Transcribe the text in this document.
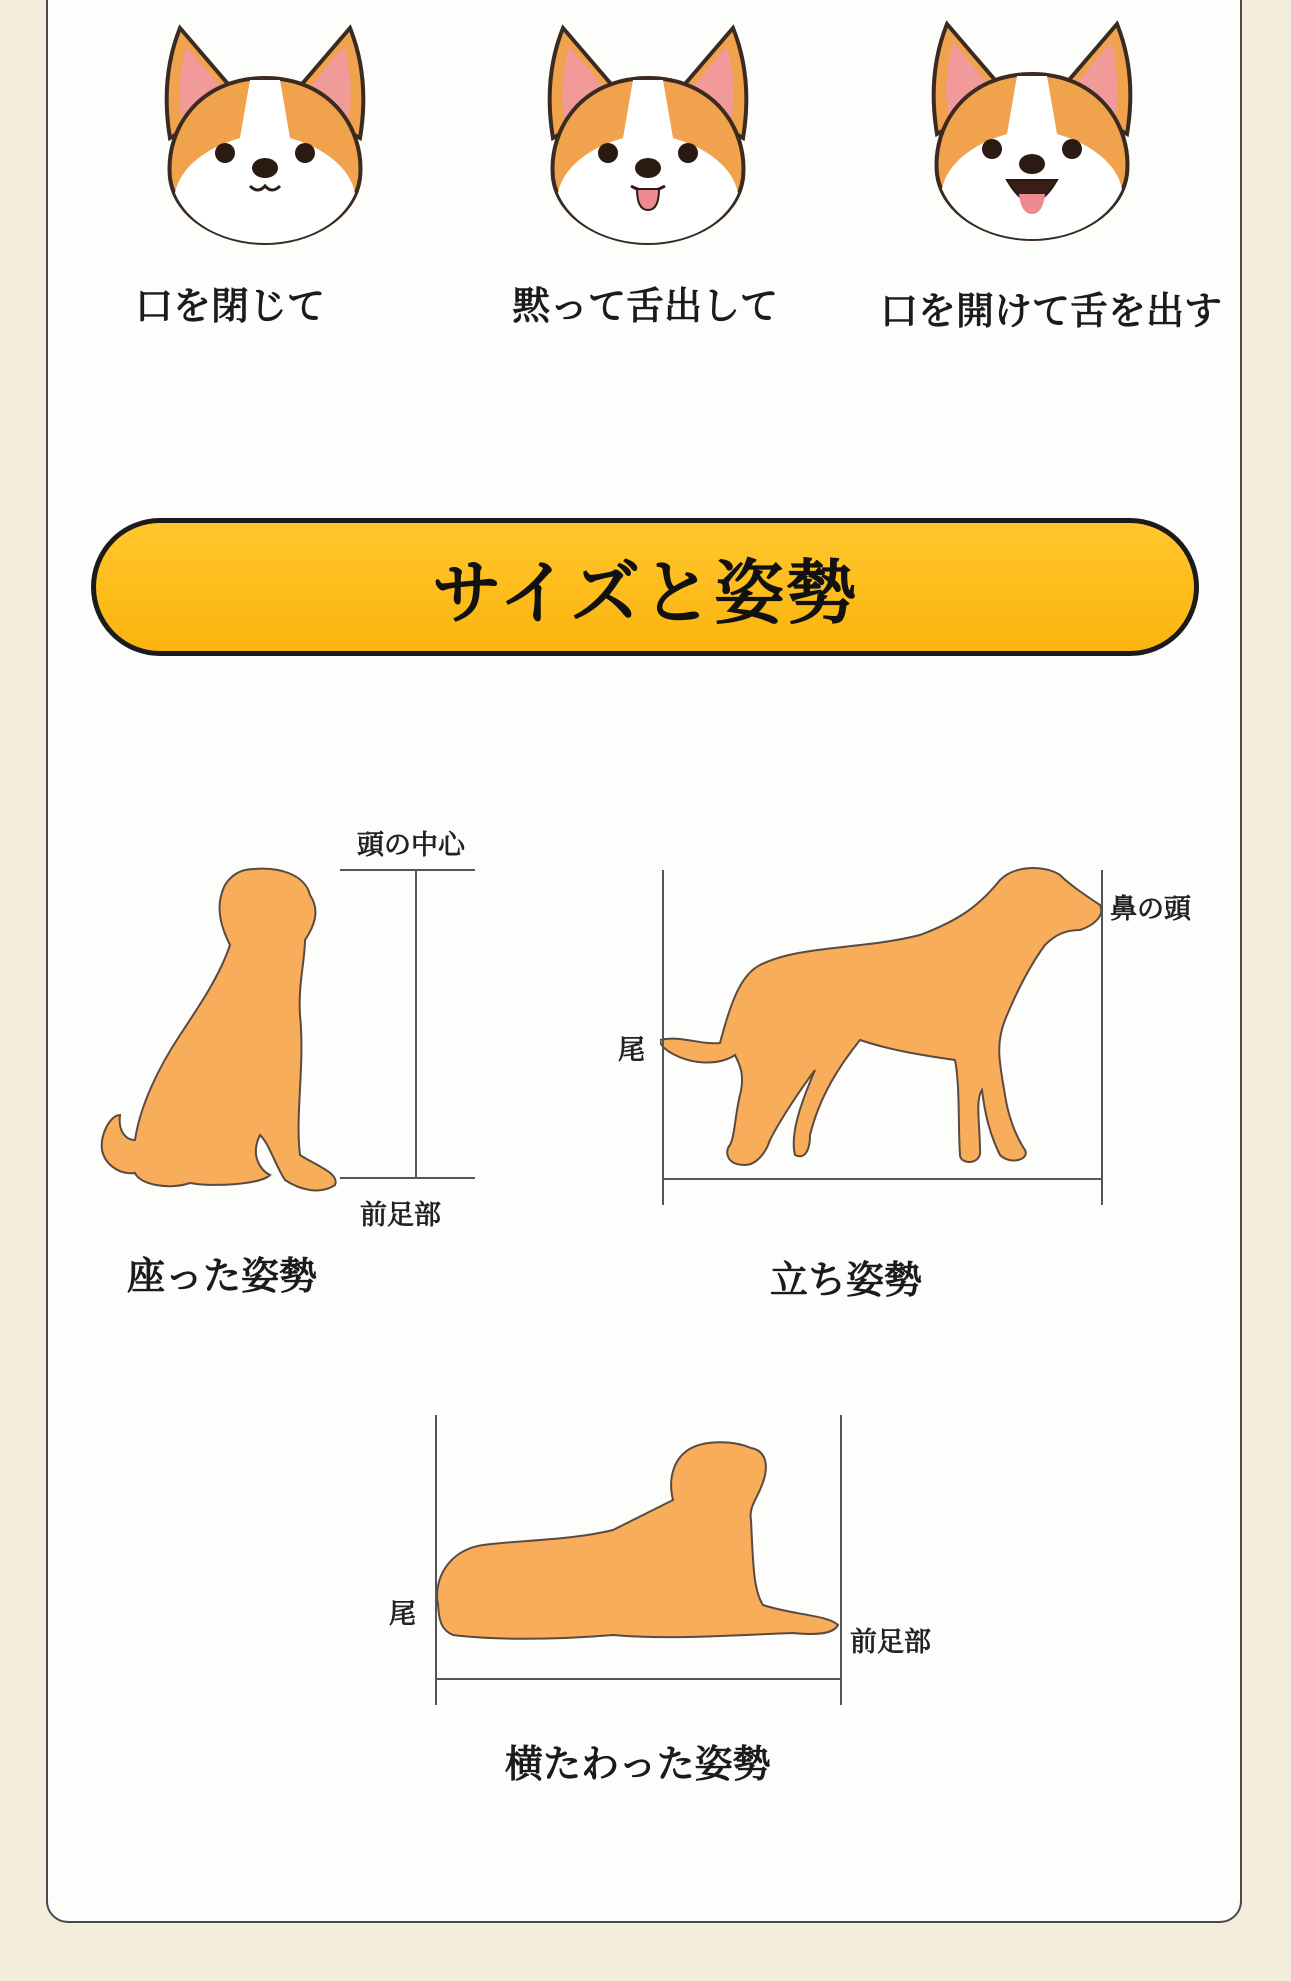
口を閉じて	黙って舌出して	口を開けて舌を出す
サイズと姿勢
頭の中心
前足部
座った姿勢
尾
鼻の頭
立ち姿勢
尾
前足部
横たわった姿勢
